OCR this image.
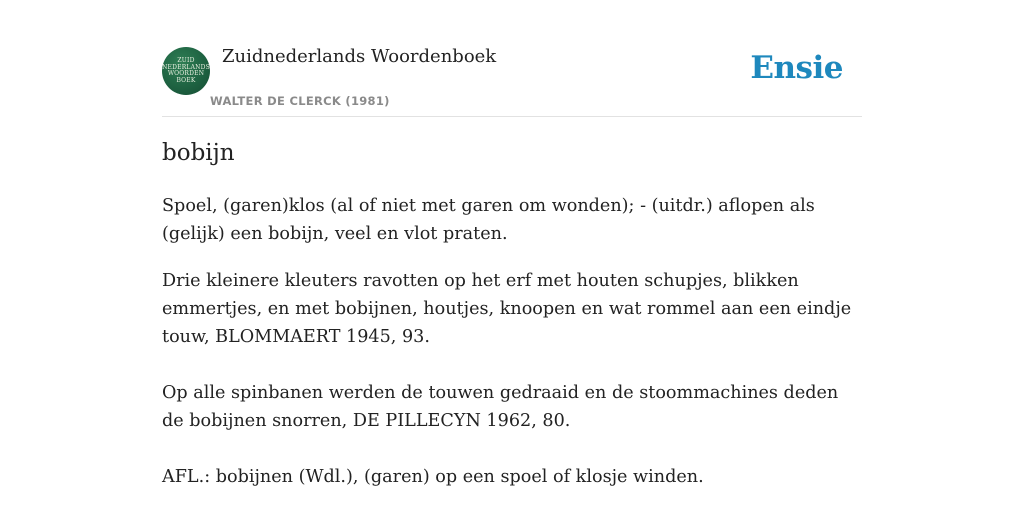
ZUID
NEDERLANDS
WOORDEN
BOEK
Zuidnederlands Woordenboek
WALTER DE CLERCK (1981)
Ensie
bobijn

Spoel, (garen)klos (al of niet met garen om wonden); - (uitdr.) aflopen als (gelijk) een bobijn, veel en vlot praten.

Drie kleinere kleuters ravotten op het erf met houten schupjes, blikken emmertjes, en met bobijnen, houtjes, knoopen en wat rommel aan een eindje touw, BLOMMAERT 1945, 93.

Op alle spinbanen werden de touwen gedraaid en de stoommachines deden de bobijnen snorren, DE PILLECYN 1962, 80.

AFL.: bobijnen (Wdl.), (garen) op een spoel of klosje winden.
